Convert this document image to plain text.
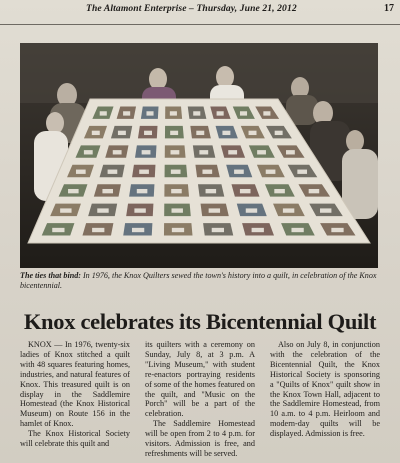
The Altamont Enterprise – Thursday, June 21, 2012	17
The ties that bind: In 1976, the Knox Quilters sewed the town's history into a quilt, in celebration of the Knox bicentennial.
Knox celebrates its Bicentennial Quilt

KNOX — In 1976, twenty-six ladies of Knox stitched a quilt with 48 squares featuring homes, industries, and natural features of Knox. This treasured quilt is on display in the Saddlemire Homestead (the Knox Historical Museum) on Route 156 in the hamlet of Knox.

The Knox Historical Society will celebrate this quilt and

its quilters with a ceremony on Sunday, July 8, at 3 p.m. A "Living Museum," with student re-enactors portraying residents of some of the homes featured on the quilt, and "Music on the Porch" will be a part of the celebration.

The Saddlemire Homestead will be open from 2 to 4 p.m. for visitors. Admission is free, and refreshments will be served.

Also on July 8, in conjunction with the celebration of the Bicentennial Quilt, the Knox Historical Society is sponsoring a "Quilts of Knox" quilt show in the Knox Town Hall, adjacent to the Saddlemire Homestead, from 10 a.m. to 4 p.m. Heirloom and modern-day quilts will be displayed. Admission is free.
